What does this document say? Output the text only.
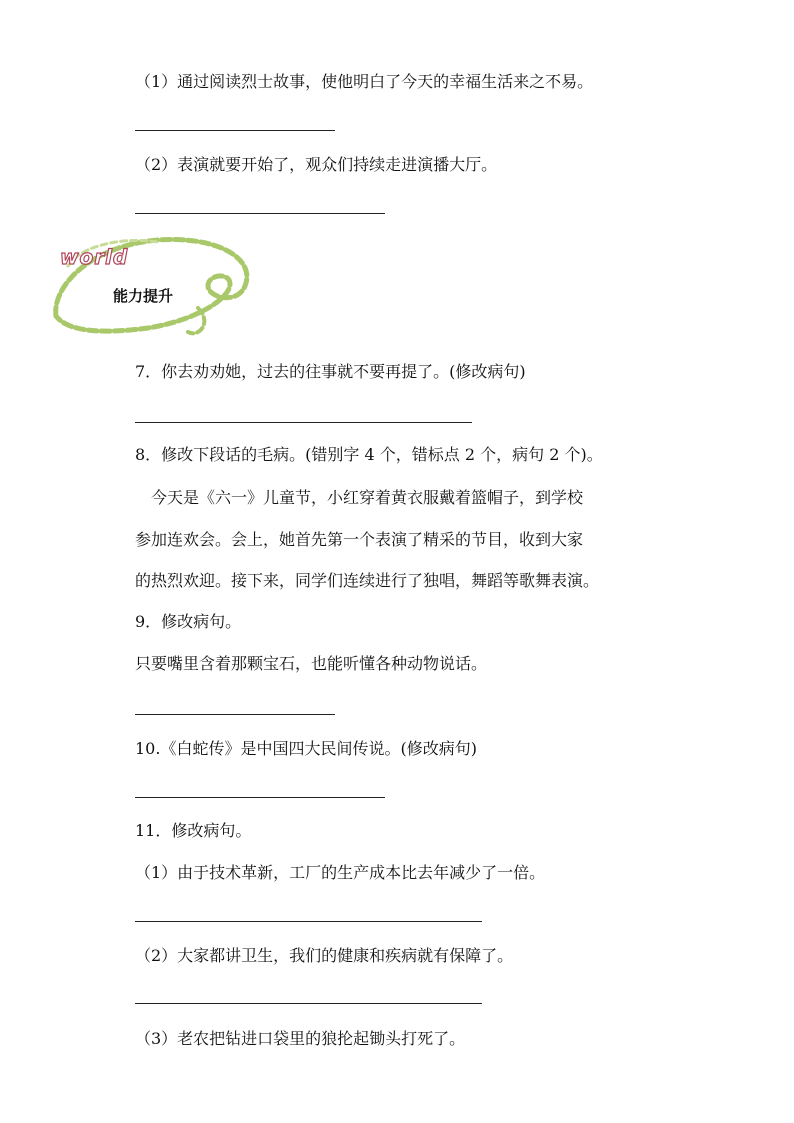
（1）通过阅读烈士故事，使他明白了今天的幸福生活来之不易。
（2）表演就要开始了，观众们持续走进演播大厅。
world
能力提升
7．你去劝劝她，过去的往事就不要再提了。(修改病句)
8．修改下段话的毛病。(错别字 4 个，错标点 2 个，病句 2 个)。
　今天是《六一》儿童节，小红穿着黄衣服戴着篮帽子，到学校
参加连欢会。会上，她首先第一个表演了精采的节目，收到大家
的热烈欢迎。接下来，同学们连续进行了独唱，舞蹈等歌舞表演。
9．修改病句。
只要嘴里含着那颗宝石，也能听懂各种动物说话。
10.《白蛇传》是中国四大民间传说。(修改病句)
11．修改病句。
（1）由于技术革新，工厂的生产成本比去年减少了一倍。
（2）大家都讲卫生，我们的健康和疾病就有保障了。
（3）老农把钻进口袋里的狼抡起锄头打死了。
